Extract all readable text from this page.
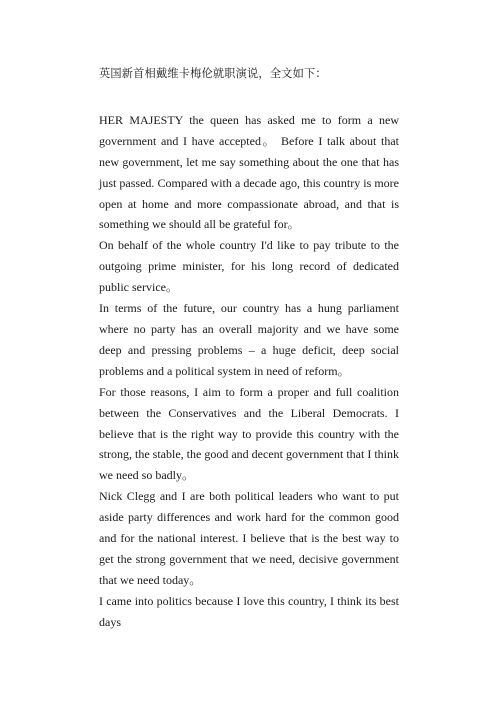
英国新首相戴维卡梅伦就职演说，全文如下：

HER MAJESTY the queen has asked me to form a new government and I have accepted。 Before I talk about that new government, let me say something about the one that has just passed. Compared with a decade ago, this country is more open at home and more compassionate abroad, and that is something we should all be grateful for。

On behalf of the whole country I'd like to pay tribute to the outgoing prime minister, for his long record of dedicated public service。

In terms of the future, our country has a hung parliament where no party has an overall majority and we have some deep and pressing problems – a huge deficit, deep social problems and a political system in need of reform。

For those reasons, I aim to form a proper and full coalition between the Conservatives and the Liberal Democrats. I believe that is the right way to provide this country with the strong, the stable, the good and decent government that I think we need so badly。

Nick Clegg and I are both political leaders who want to put aside party differences and work hard for the common good and for the national interest. I believe that is the best way to get the strong government that we need, decisive government that we need today。

I came into politics because I love this country, I think its best days
